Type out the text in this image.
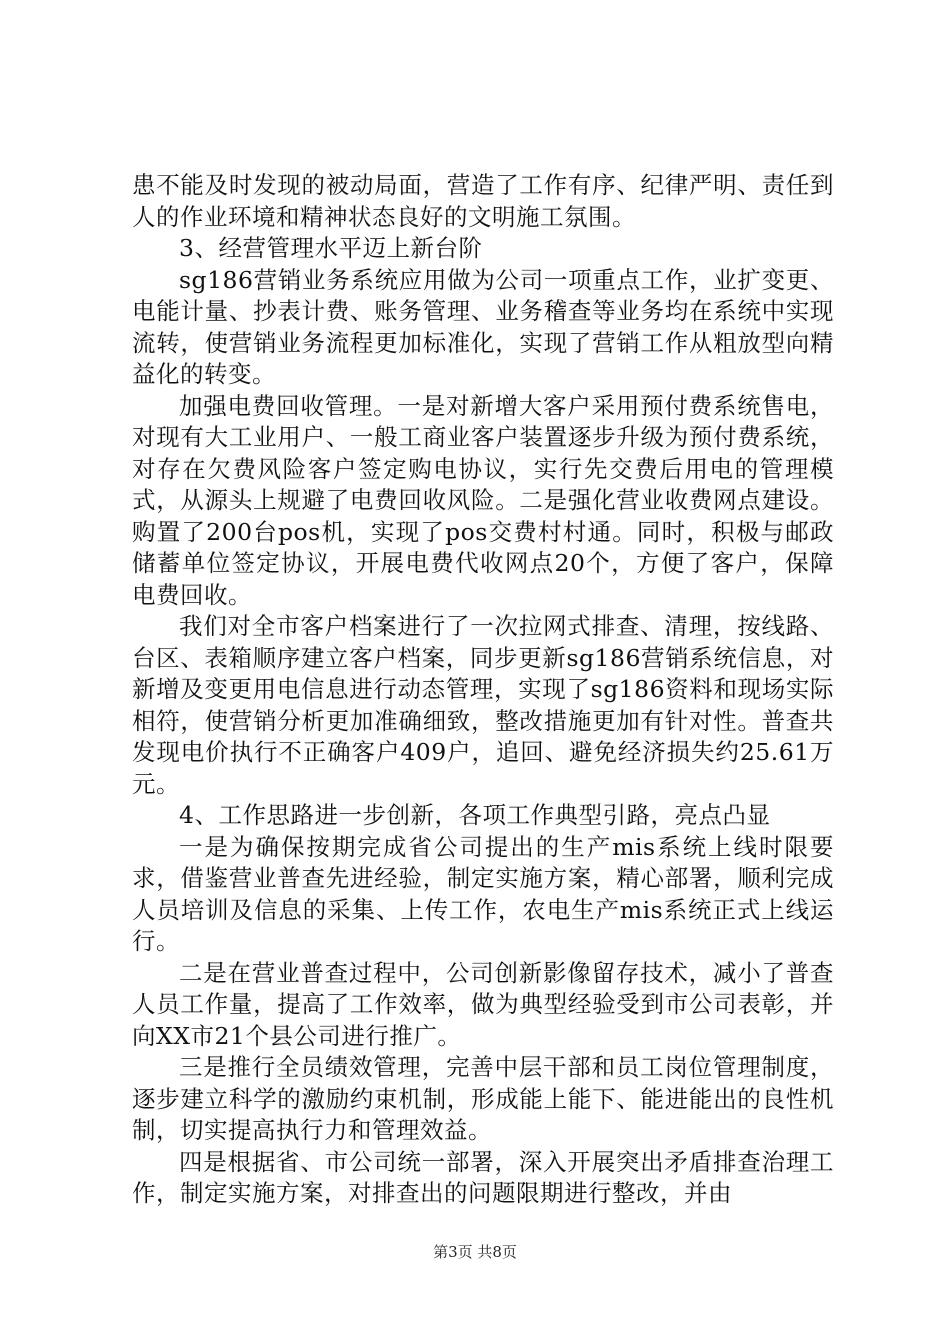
患不能及时发现的被动局面，营造了工作有序、纪律严明、责任到人的作业环境和精神状态良好的文明施工氛围。

3、经营管理水平迈上新台阶

sg186营销业务系统应用做为公司一项重点工作，业扩变更、电能计量、抄表计费、账务管理、业务稽查等业务均在系统中实现流转，使营销业务流程更加标准化，实现了营销工作从粗放型向精益化的转变。

加强电费回收管理。一是对新增大客户采用预付费系统售电，对现有大工业用户、一般工商业客户装置逐步升级为预付费系统，对存在欠费风险客户签定购电协议，实行先交费后用电的管理模式，从源头上规避了电费回收风险。二是强化营业收费网点建设。购置了200台pos机，实现了pos交费村村通。同时，积极与邮政储蓄单位签定协议，开展电费代收网点20个，方便了客户，保障电费回收。

我们对全市客户档案进行了一次拉网式排查、清理，按线路、台区、表箱顺序建立客户档案，同步更新sg186营销系统信息，对新增及变更用电信息进行动态管理，实现了sg186资料和现场实际相符，使营销分析更加准确细致，整改措施更加有针对性。普查共发现电价执行不正确客户409户，追回、避免经济损失约25.61万元。

4、工作思路进一步创新，各项工作典型引路，亮点凸显

一是为确保按期完成省公司提出的生产mis系统上线时限要求，借鉴营业普查先进经验，制定实施方案，精心部署，顺利完成人员培训及信息的采集、上传工作，农电生产mis系统正式上线运行。

二是在营业普查过程中，公司创新影像留存技术，减小了普查人员工作量，提高了工作效率，做为典型经验受到市公司表彰，并向XX市21个县公司进行推广。

三是推行全员绩效管理，完善中层干部和员工岗位管理制度，逐步建立科学的激励约束机制，形成能上能下、能进能出的良性机制，切实提高执行力和管理效益。

四是根据省、市公司统一部署，深入开展突出矛盾排查治理工作，制定实施方案，对排查出的问题限期进行整改，并由

第3页 共8页
